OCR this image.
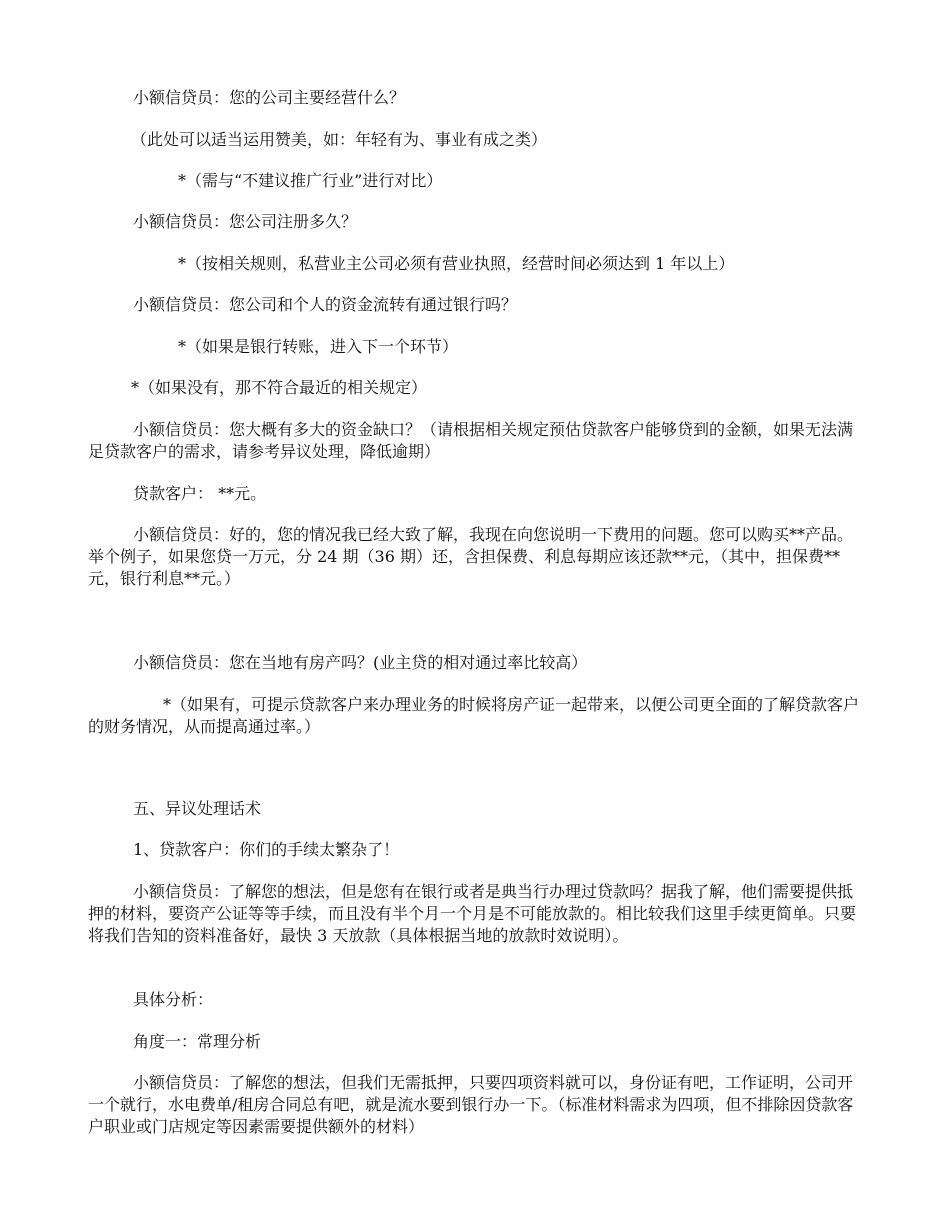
小额信贷员：您的公司主要经营什么？

（此处可以适当运用赞美，如：年轻有为、事业有成之类）

*（需与“不建议推广行业”进行对比）

小额信贷员：您公司注册多久？

*（按相关规则，私营业主公司必须有营业执照，经营时间必须达到 1 年以上）

小额信贷员：您公司和个人的资金流转有通过银行吗？

*（如果是银行转账，进入下一个环节）

*（如果没有，那不符合最近的相关规定）

小额信贷员：您大概有多大的资金缺口？（请根据相关规定预估贷款客户能够贷到的金额，如果无法满足贷款客户的需求，请参考异议处理，降低逾期）

贷款客户： **元。

小额信贷员：好的，您的情况我已经大致了解，我现在向您说明一下费用的问题。您可以购买**产品。举个例子，如果您贷一万元，分 24 期（36 期）还，含担保费、利息每期应该还款**元，（其中，担保费**元，银行利息**元。）

小额信贷员：您在当地有房产吗？(业主贷的相对通过率比较高）

*（如果有，可提示贷款客户来办理业务的时候将房产证一起带来，以便公司更全面的了解贷款客户的财务情况，从而提高通过率。）

五、异议处理话术

1、贷款客户：你们的手续太繁杂了！

小额信贷员：了解您的想法，但是您有在银行或者是典当行办理过贷款吗？据我了解，他们需要提供抵押的材料，要资产公证等等手续，而且没有半个月一个月是不可能放款的。相比较我们这里手续更简单。只要将我们告知的资料准备好，最快 3 天放款（具体根据当地的放款时效说明）。

具体分析：

角度一：常理分析

小额信贷员：了解您的想法，但我们无需抵押，只要四项资料就可以，身份证有吧，工作证明，公司开一个就行，水电费单/租房合同总有吧，就是流水要到银行办一下。（标准材料需求为四项，但不排除因贷款客户职业或门店规定等因素需要提供额外的材料）
